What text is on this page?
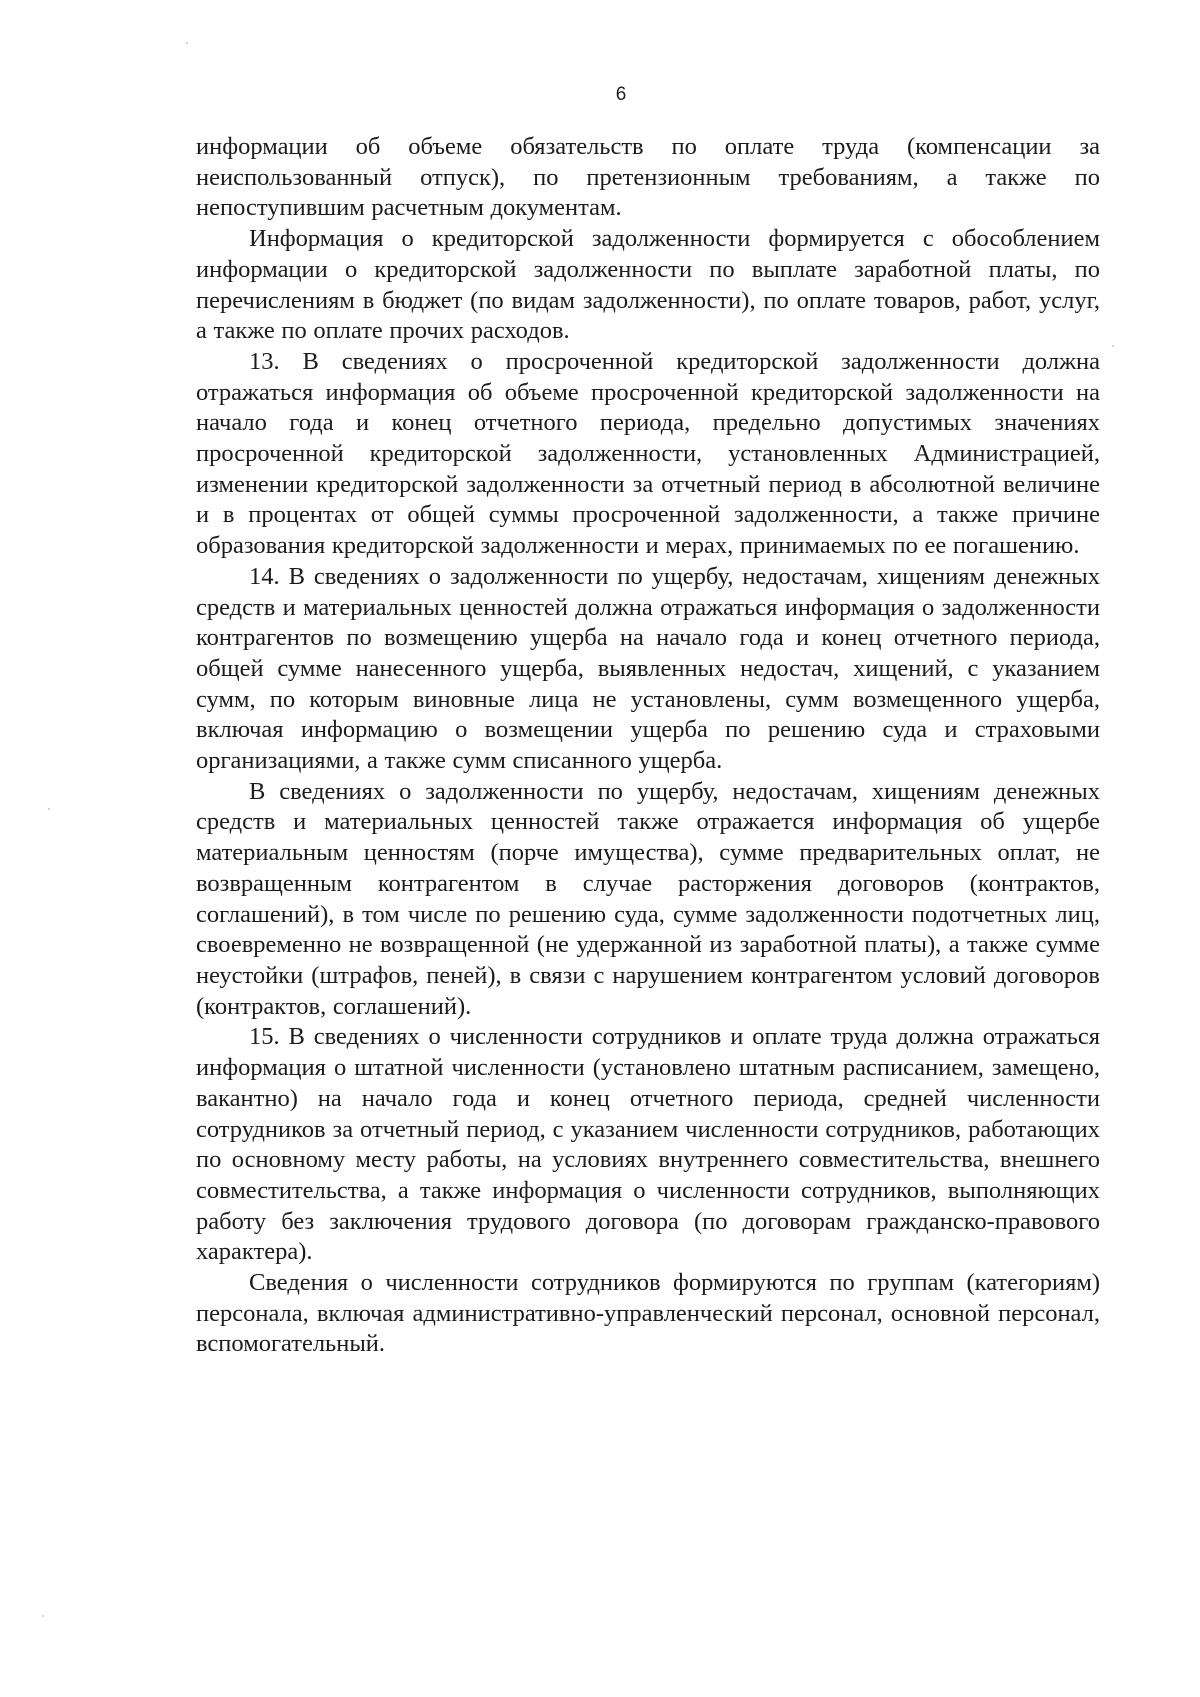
6

информации об объеме обязательств по оплате труда (компенсации за неиспользованный отпуск), по претензионным требованиям, а также по непоступившим расчетным документам.

Информация о кредиторской задолженности формируется с обособлением информации о кредиторской задолженности по выплате заработной платы, по перечислениям в бюджет (по видам задолженности), по оплате товаров, работ, услуг, а также по оплате прочих расходов.

13. В сведениях о просроченной кредиторской задолженности должна отражаться информация об объеме просроченной кредиторской задолженности на начало года и конец отчетного периода, предельно допустимых значениях просроченной кредиторской задолженности, установленных Администрацией, изменении кредиторской задолженности за отчетный период в абсолютной величине и в процентах от общей суммы просроченной задолженности, а также причине образования кредиторской задолженности и мерах, принимаемых по ее погашению.

14. В сведениях о задолженности по ущербу, недостачам, хищениям денежных средств и материальных ценностей должна отражаться информация о задолженности контрагентов по возмещению ущерба на начало года и конец отчетного периода, общей сумме нанесенного ущерба, выявленных недостач, хищений, с указанием сумм, по которым виновные лица не установлены, сумм возмещенного ущерба, включая информацию о возмещении ущерба по решению суда и страховыми организациями, а также сумм списанного ущерба.

В сведениях о задолженности по ущербу, недостачам, хищениям денежных средств и материальных ценностей также отражается информация об ущербе материальным ценностям (порче имущества), сумме предварительных оплат, не возвращенным контрагентом в случае расторжения договоров (контрактов, соглашений), в том числе по решению суда, сумме задолженности подотчетных лиц, своевременно не возвращенной (не удержанной из заработной платы), а также сумме неустойки (штрафов, пеней), в связи с нарушением контрагентом условий договоров (контрактов, соглашений).

15. В сведениях о численности сотрудников и оплате труда должна отражаться информация о штатной численности (установлено штатным расписанием, замещено, вакантно) на начало года и конец отчетного периода, средней численности сотрудников за отчетный период, с указанием численности сотрудников, работающих по основному месту работы, на условиях внутреннего совместительства, внешнего совместительства, а также информация о численности сотрудников, выполняющих работу без заключения трудового договора (по договорам гражданско-правового характера).

Сведения о численности сотрудников формируются по группам (категориям) персонала, включая административно-управленческий персонал, основной персонал, вспомогательный.
